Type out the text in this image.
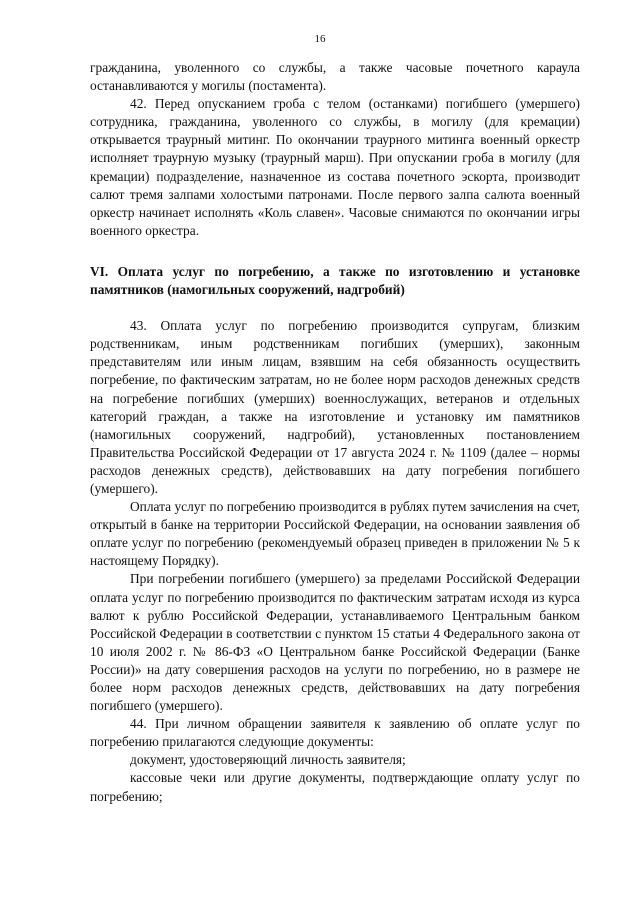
16

гражданина, уволенного со службы, а также часовые почетного караула останавливаются у могилы (постамента).

42. Перед опусканием гроба с телом (останками) погибшего (умершего) сотрудника, гражданина, уволенного со службы, в могилу (для кремации) открывается траурный митинг. По окончании траурного митинга военный оркестр исполняет траурную музыку (траурный марш). При опускании гроба в могилу (для кремации) подразделение, назначенное из состава почетного эскорта, производит салют тремя залпами холостыми патронами. После первого залпа салюта военный оркестр начинает исполнять «Коль славен». Часовые снимаются по окончании игры военного оркестра.

VI. Оплата услуг по погребению, а также по изготовлению и установке памятников (намогильных сооружений, надгробий)

43. Оплата услуг по погребению производится супругам, близким родственникам, иным родственникам погибших (умерших), законным представителям или иным лицам, взявшим на себя обязанность осуществить погребение, по фактическим затратам, но не более норм расходов денежных средств на погребение погибших (умерших) военнослужащих, ветеранов и отдельных категорий граждан, а также на изготовление и установку им памятников (намогильных сооружений, надгробий), установленных постановлением Правительства Российской Федерации от 17 августа 2024 г. № 1109 (далее – нормы расходов денежных средств), действовавших на дату погребения погибшего (умершего).

Оплата услуг по погребению производится в рублях путем зачисления на счет, открытый в банке на территории Российской Федерации, на основании заявления об оплате услуг по погребению (рекомендуемый образец приведен в приложении № 5 к настоящему Порядку).

При погребении погибшего (умершего) за пределами Российской Федерации оплата услуг по погребению производится по фактическим затратам исходя из курса валют к рублю Российской Федерации, устанавливаемого Центральным банком Российской Федерации в соответствии с пунктом 15 статьи 4 Федерального закона от 10 июля 2002 г. № 86-ФЗ «О Центральном банке Российской Федерации (Банке России)» на дату совершения расходов на услуги по погребению, но в размере не более норм расходов денежных средств, действовавших на дату погребения погибшего (умершего).

44. При личном обращении заявителя к заявлению об оплате услуг по погребению прилагаются следующие документы:

документ, удостоверяющий личность заявителя;

кассовые чеки или другие документы, подтверждающие оплату услуг по погребению;
